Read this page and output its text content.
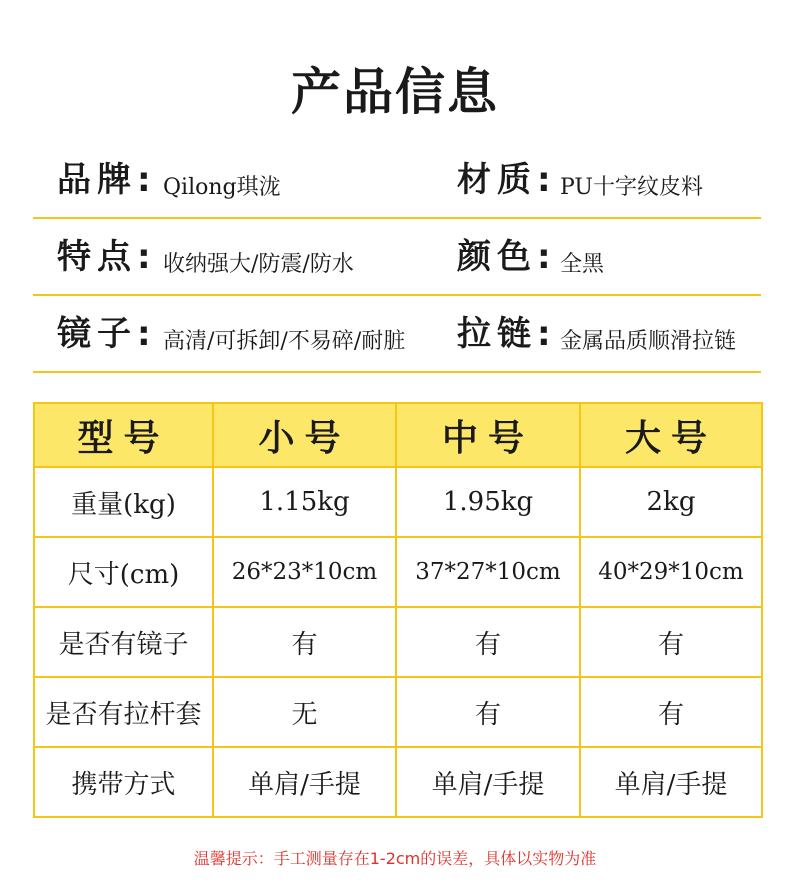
产品信息
品牌: Qilong琪泷	材质: PU十字纹皮料
特点: 收纳强大/防震/防水	颜色: 全黑
镜子: 高清/可拆卸/不易碎/耐脏 拉链: 金属品质顺滑拉链
型号	小号	中号	大号
重量(kg)	1.15kg	1.95kg	2kg
尺寸(cm)	26*23*10cm	37*27*10cm	40*29*10cm
是否有镜子	有	有	有
是否有拉杆套	无	有	有
携带方式	单肩/手提	单肩/手提	单肩/手提
温馨提示：手工测量存在1-2cm的误差，具体以实物为准
